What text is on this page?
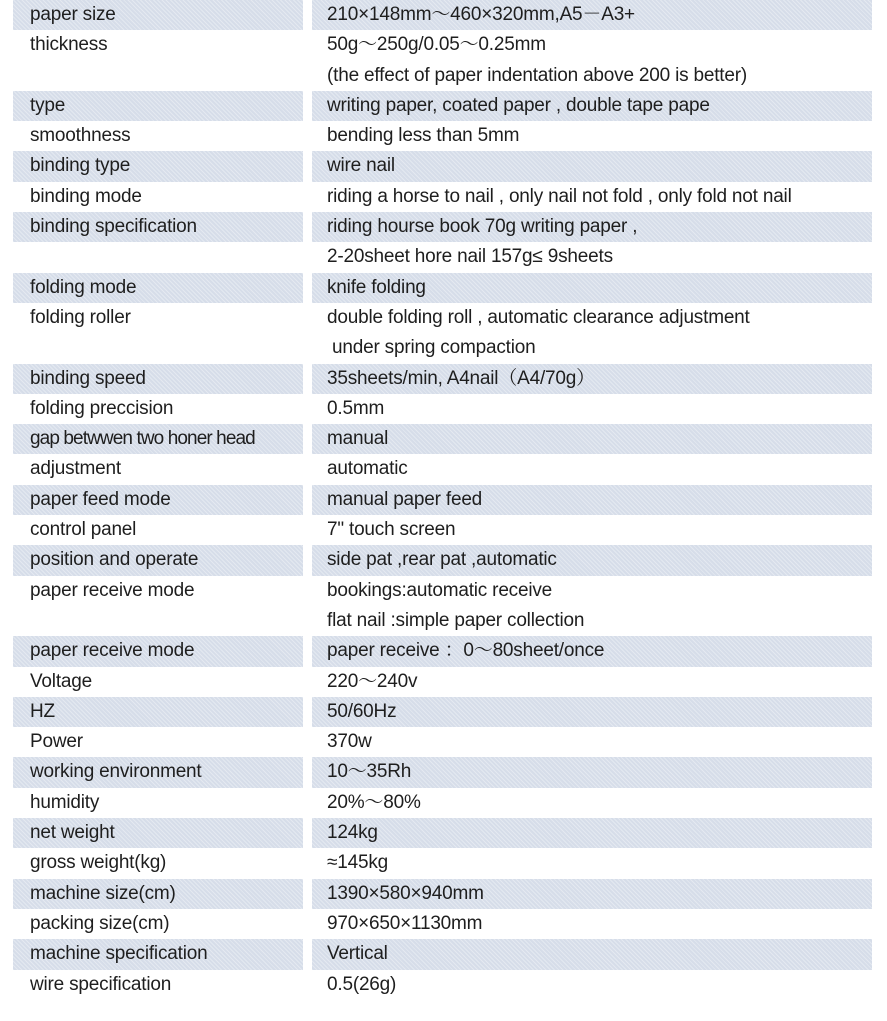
paper size	210×148mm～460×320mm,A5－A3+
thickness	50g～250g/0.05～0.25mm
(the effect of paper indentation above 200 is better)
type	writing paper, coated paper , double tape pape
smoothness	bending less than 5mm
binding type	wire nail
binding mode	riding a horse to nail , only nail not fold , only fold not nail
binding specification	riding hourse book 70g writing paper ,
2-20sheet hore nail 157g≤ 9sheets
folding mode	knife folding
folding roller	double folding roll , automatic clearance adjustment
under spring compaction
binding speed	35sheets/min, A4nail（A4/70g）
folding preccision	0.5mm
gap betwwen two honer head	manual
adjustment	automatic
paper feed mode	manual paper feed
control panel	7" touch screen
position and operate	side pat ,rear pat ,automatic
paper receive mode	bookings:automatic receive
flat nail :simple paper collection
paper receive mode	paper receive ：0～80sheet/once
Voltage	220～240v
HZ	50/60Hz
Power	370w
working environment	10～35Rh
humidity	20%～80%
net weight	124kg
gross weight(kg)	≈145kg
machine size(cm)	1390×580×940mm
packing size(cm)	970×650×1130mm
machine specification	Vertical
wire specification	0.5(26g)
